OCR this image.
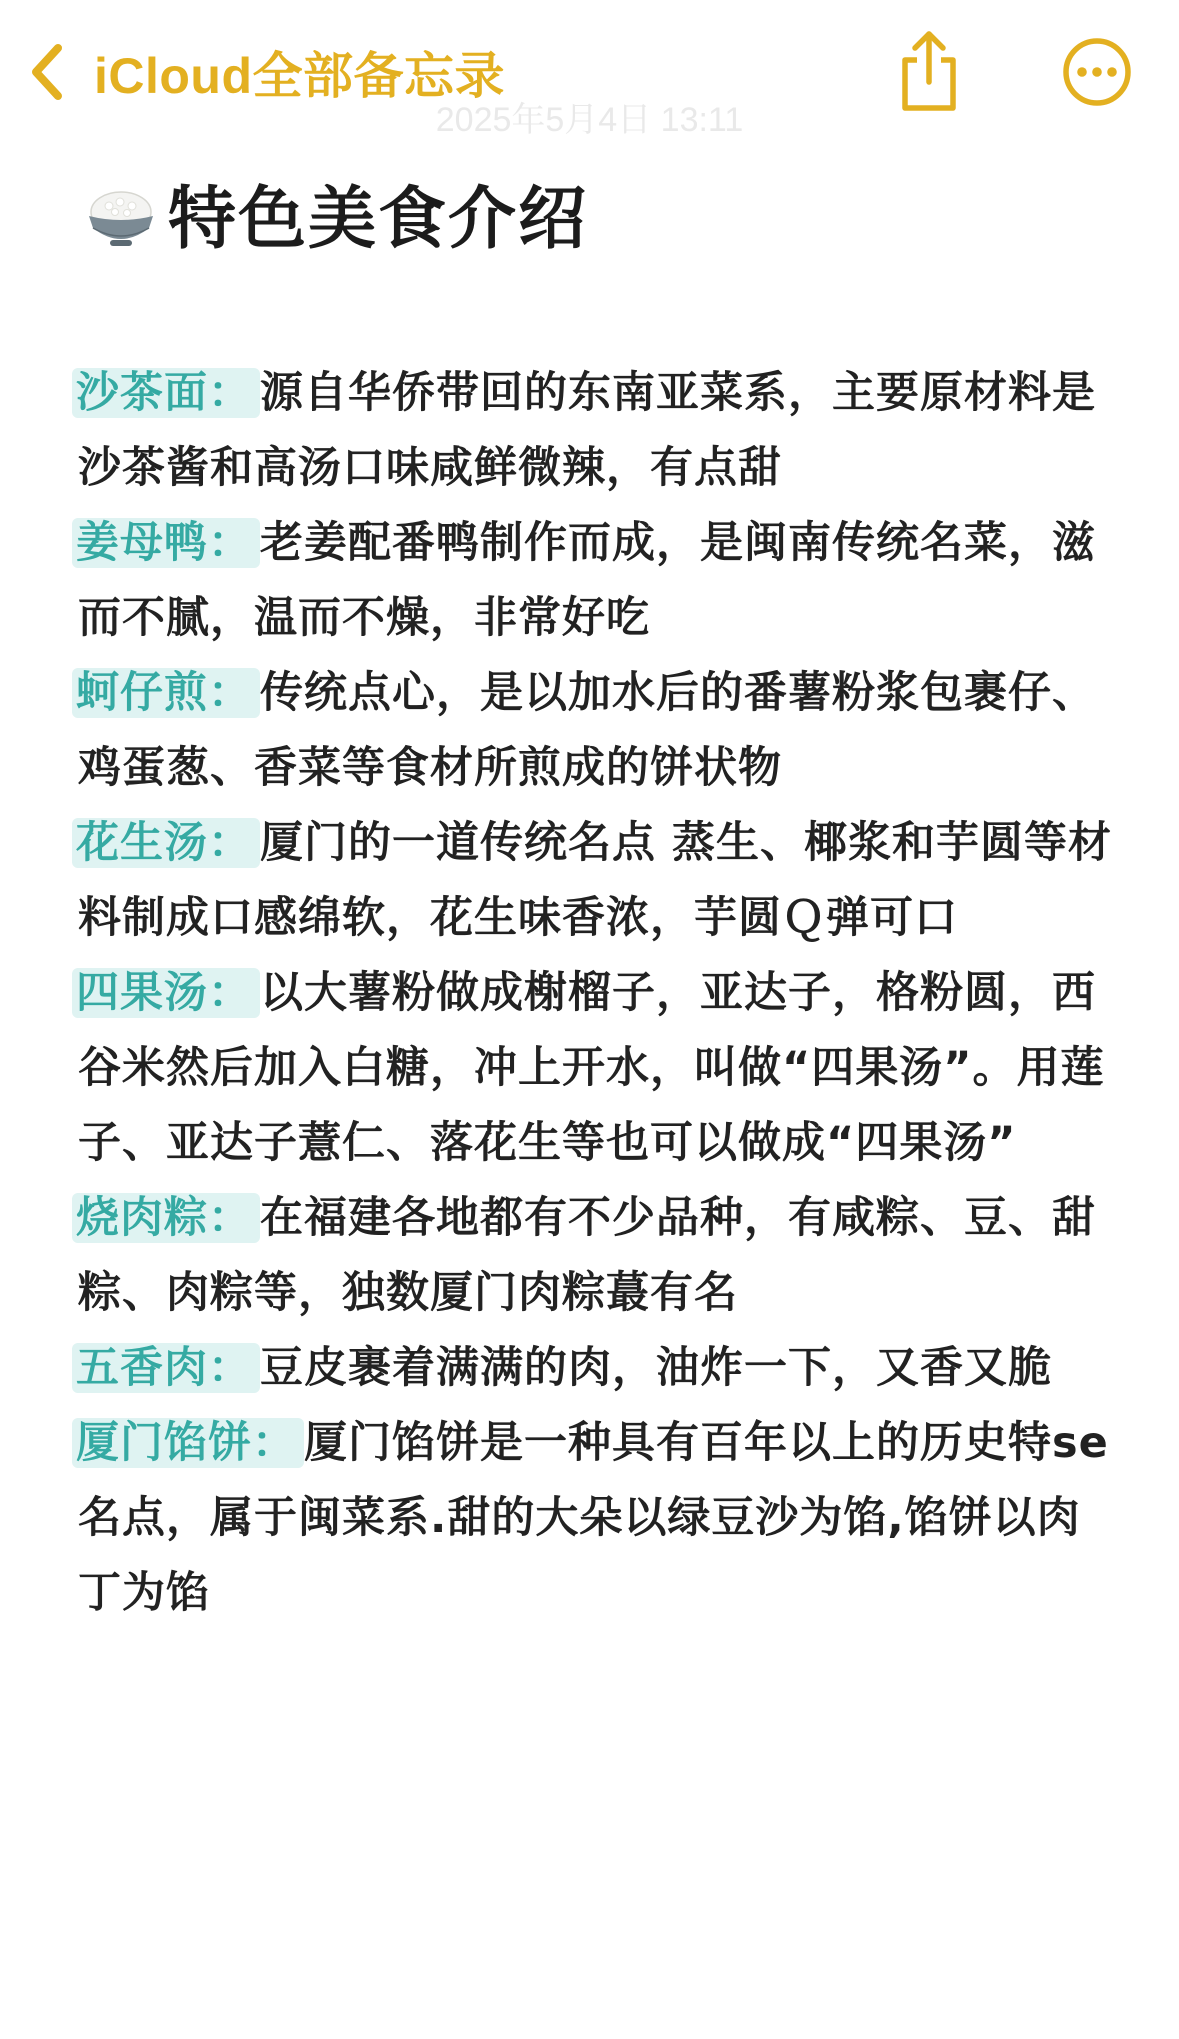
iCloud全部备忘录
2025年5月4日 13:11
特色美食介绍
沙茶面： 源自华侨带回的东南亚菜系，主要原材料是沙茶酱和高汤口味咸鲜微辣，有点甜
姜母鸭： 老姜配番鸭制作而成，是闽南传统名菜，滋而不腻，温而不燥，非常好吃
蚵仔煎： 传统点心，是以加水后的番薯粉浆包裹仔、鸡蛋葱、香菜等食材所煎成的饼状物
花生汤： 厦门的一道传统名点 蒸生、椰浆和芋圆等材料制成口感绵软，花生味香浓，芋圆Ｑ弹可口
四果汤： 以大薯粉做成榭榴子，亚达子，格粉圆，西谷米然后加入白糖，冲上开水，叫做“四果汤”。用莲子、亚达子薏仁、落花生等也可以做成“四果汤”
烧肉粽： 在福建各地都有不少品种，有咸粽、豆、甜粽、肉粽等，独数厦门肉粽蕞有名
五香肉： 豆皮裹着满满的肉，油炸一下，又香又脆
厦门馅饼： 厦门馅饼是一种具有百年以上的历史特se名点，属于闽菜系.甜的大朵以绿豆沙为馅,馅饼以肉丁为馅
